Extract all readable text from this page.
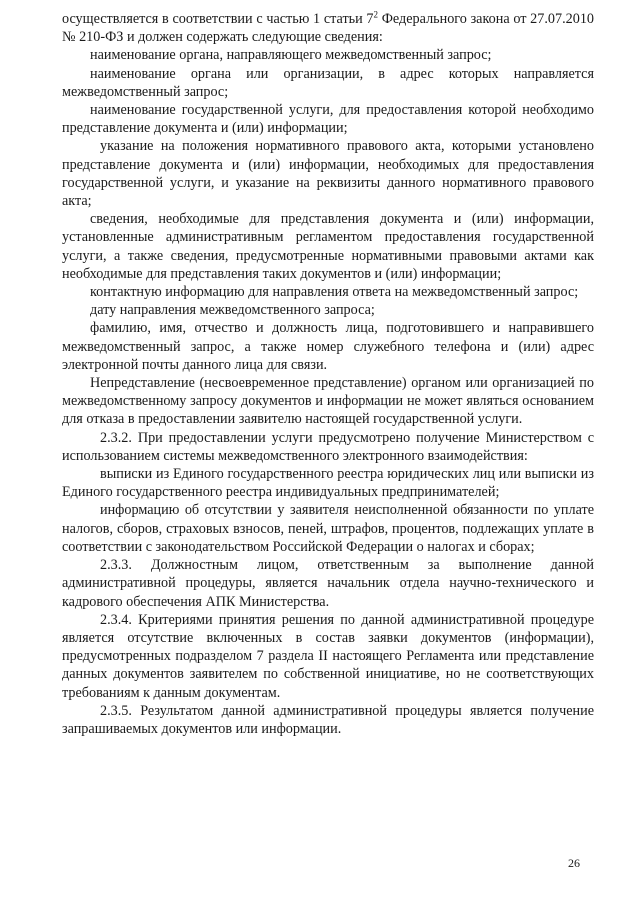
осуществляется в соответствии с частью 1 статьи $7^2$ Федерального закона от 27.07.2010 № 210-ФЗ и должен содержать следующие сведения:

наименование органа, направляющего межведомственный запрос;

наименование органа или организации, в адрес которых направляется межведомственный запрос;

наименование государственной услуги, для предоставления которой необходимо представление документа и (или) информации;

указание на положения нормативного правового акта, которыми установлено представление документа и (или) информации, необходимых для предоставления государственной услуги, и указание на реквизиты данного нормативного правового акта;

сведения, необходимые для представления документа и (или) информации, установленные административным регламентом предоставления государственной услуги, а также сведения, предусмотренные нормативными правовыми актами как необходимые для представления таких документов и (или) информации;

контактную информацию для направления ответа на межведомственный запрос;

дату направления межведомственного запроса;

фамилию, имя, отчество и должность лица, подготовившего и направившего межведомственный запрос, а также номер служебного телефона и (или) адрес электронной почты данного лица для связи.

Непредставление (несвоевременное представление) органом или организацией по межведомственному запросу документов и информации не может являться основанием для отказа в предоставлении заявителю настоящей государственной услуги.

2.3.2. При предоставлении услуги предусмотрено получение Министерством с использованием системы межведомственного электронного взаимодействия:

выписки из Единого государственного реестра юридических лиц или выписки из Единого государственного реестра индивидуальных предпринимателей;

информацию об отсутствии у заявителя неисполненной обязанности по уплате налогов, сборов, страховых взносов, пеней, штрафов, процентов, подлежащих уплате в соответствии с законодательством Российской Федерации о налогах и сборах;

2.3.3. Должностным лицом, ответственным за выполнение данной административной процедуры, является начальник отдела научно-технического и кадрового обеспечения АПК Министерства.

2.3.4. Критериями принятия решения по данной административной процедуре является отсутствие включенных в состав заявки документов (информации), предусмотренных подразделом 7 раздела II настоящего Регламента или представление данных документов заявителем по собственной инициативе, но не соответствующих требованиям к данным документам.

2.3.5. Результатом данной административной процедуры является получение запрашиваемых документов или информации.

26
